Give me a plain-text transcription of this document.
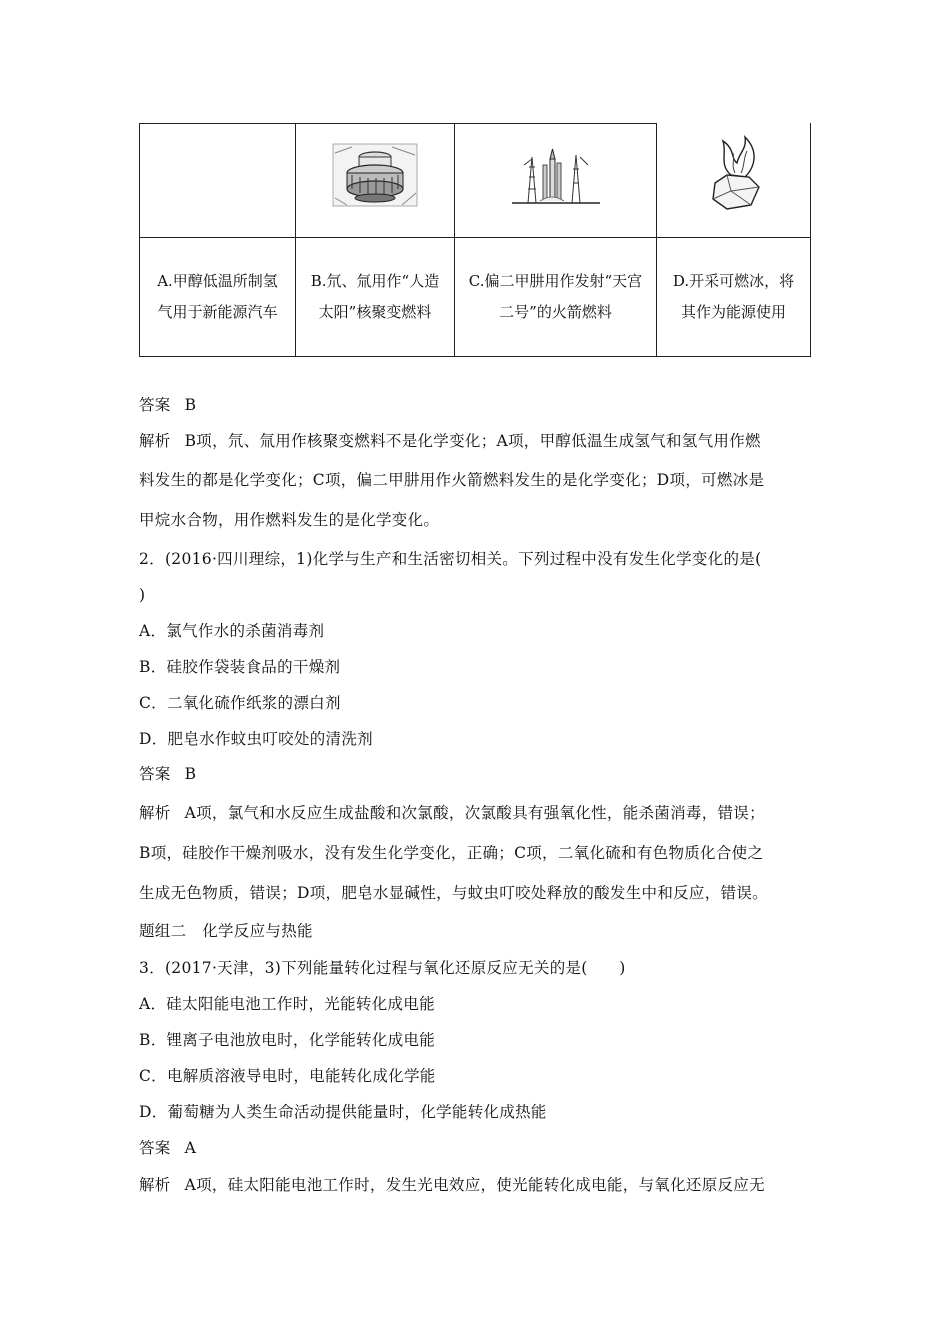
A.甲醇低温所制氢气用于新能源汽车	B.氘、氚用作“人造太阳”核聚变燃料	C.偏二甲肼用作发射“天宫二号”的火箭燃料	D.开采可燃冰，将其作为能源使用
答案 B
解析 B项，氘、氚用作核聚变燃料不是化学变化；A项，甲醇低温生成氢气和氢气用作燃
料发生的都是化学变化；C项，偏二甲肼用作火箭燃料发生的是化学变化；D项，可燃冰是
甲烷水合物，用作燃料发生的是化学变化。
2．(2016·四川理综，1)化学与生产和生活密切相关。下列过程中没有发生化学变化的是(
)
A．氯气作水的杀菌消毒剂
B．硅胶作袋装食品的干燥剂
C．二氧化硫作纸浆的漂白剂
D．肥皂水作蚊虫叮咬处的清洗剂
答案 B
解析 A项，氯气和水反应生成盐酸和次氯酸，次氯酸具有强氧化性，能杀菌消毒，错误；
B项，硅胶作干燥剂吸水，没有发生化学变化，正确；C项，二氧化硫和有色物质化合使之
生成无色物质，错误；D项，肥皂水显碱性，与蚊虫叮咬处释放的酸发生中和反应，错误。
题组二　化学反应与热能
3．(2017·天津，3)下列能量转化过程与氧化还原反应无关的是(　　)
A．硅太阳能电池工作时，光能转化成电能
B．锂离子电池放电时，化学能转化成电能
C．电解质溶液导电时，电能转化成化学能
D．葡萄糖为人类生命活动提供能量时，化学能转化成热能
答案 A
解析 A项，硅太阳能电池工作时，发生光电效应，使光能转化成电能，与氧化还原反应无
